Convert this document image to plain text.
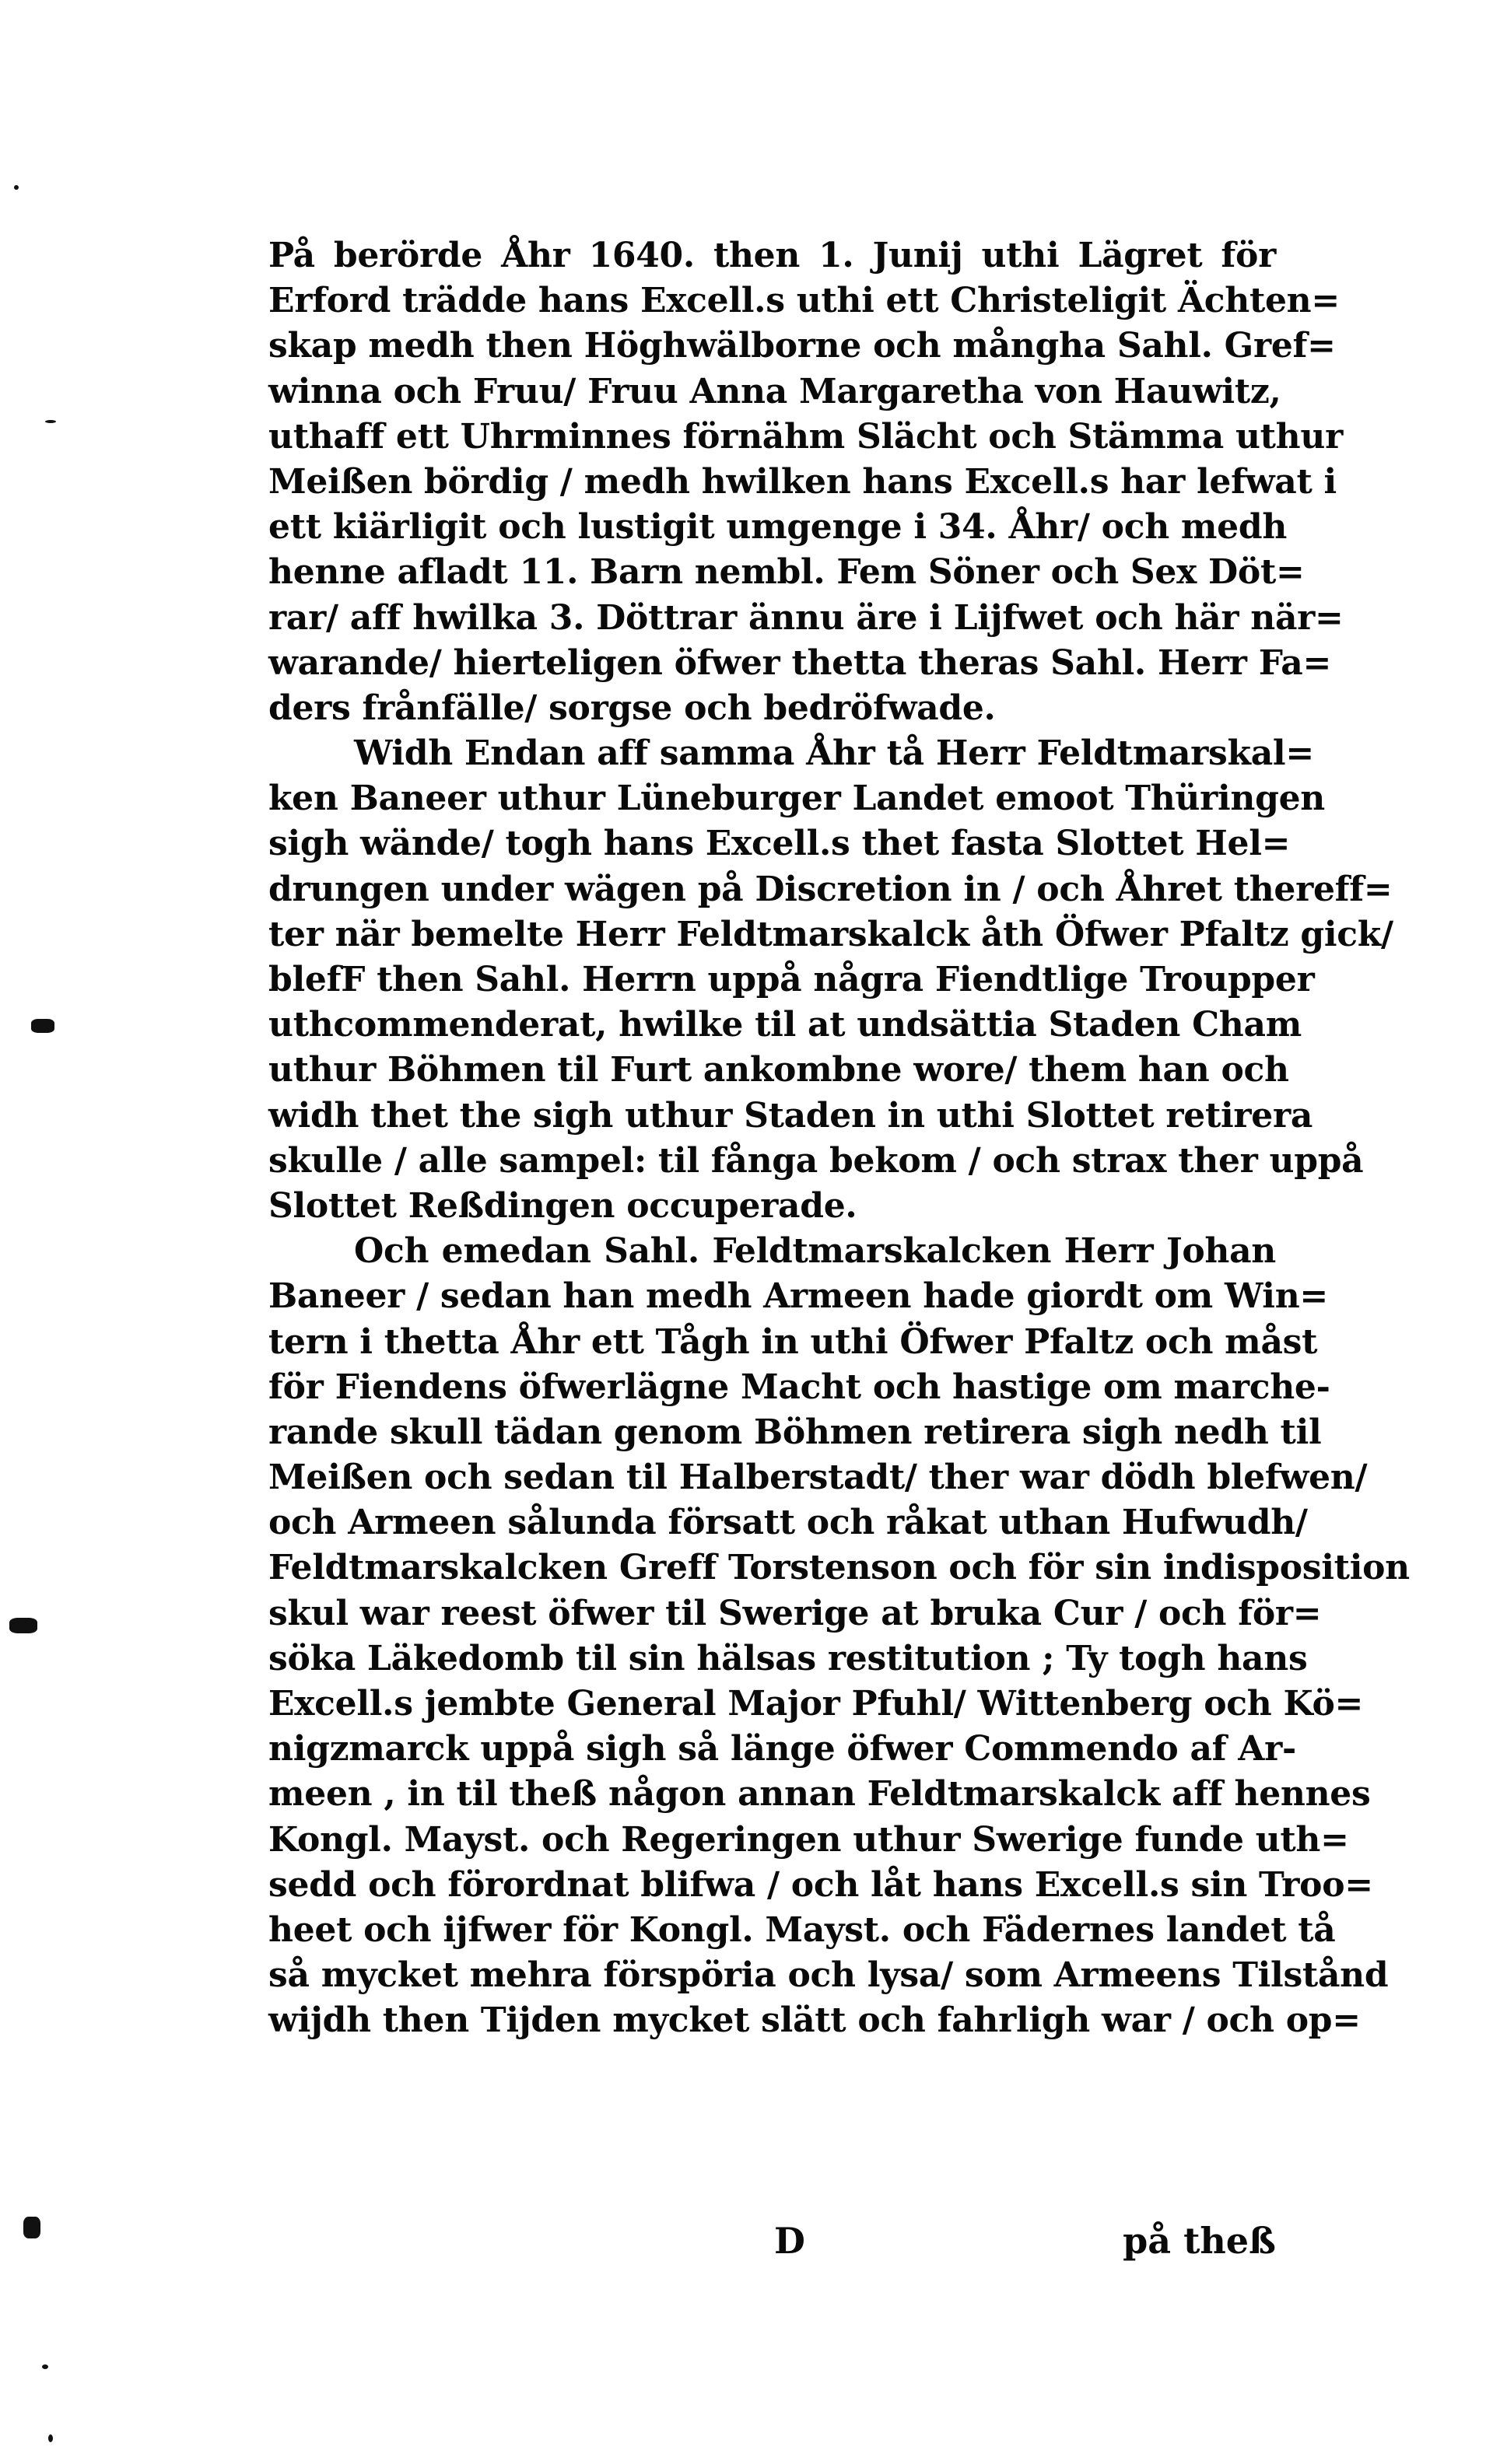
På berörde Åhr 1640. then 1. Junij uthi Lägret för
Erford trädde hans Excell.s uthi ett Christeligit Ächten=
skap medh then Höghwälborne och mångha Sahl. Gref=
winna och Fruu/ Fruu Anna Margaretha von Hauwitz,
uthaff ett Uhrminnes förnähm Slächt och Stämma uthur
Meißen bördig / medh hwilken hans Excell.s har lefwat i
ett kiärligit och lustigit umgenge i 34. Åhr/ och medh
henne afladt 11. Barn nembl. Fem Söner och Sex Döt=
rar/ aff hwilka 3. Döttrar ännu äre i Lijfwet och här när=
warande/ hierteligen öfwer thetta theras Sahl. Herr Fa=
ders frånfälle/ sorgse och bedröfwade.
Widh Endan aff samma Åhr tå Herr Feldtmarskal=
ken Baneer uthur Lüneburger Landet emoot Thüringen
sigh wände/ togh hans Excell.s thet fasta Slottet Hel=
drungen under wägen på Discretion in / och Åhret thereff=
ter när bemelte Herr Feldtmarskalck åth Öfwer Pfaltz gick/
blefF then Sahl. Herrn uppå några Fiendtlige Troupper
uthcommenderat, hwilke til at undsättia Staden Cham
uthur Böhmen til Furt ankombne wore/ them han och
widh thet the sigh uthur Staden in uthi Slottet retirera
skulle / alle sampel: til fånga bekom / och strax ther uppå
Slottet Reßdingen occuperade.
Och emedan Sahl. Feldtmarskalcken Herr Johan
Baneer / sedan han medh Armeen hade giordt om Win=
tern i thetta Åhr ett Tågh in uthi Öfwer Pfaltz och måst
för Fiendens öfwerlägne Macht och hastige om marche-
rande skull tädan genom Böhmen retirera sigh nedh til
Meißen och sedan til Halberstadt/ ther war dödh blefwen/
och Armeen sålunda försatt och råkat uthan Hufwudh/
Feldtmarskalcken Greff Torstenson och för sin indisposition
skul war reest öfwer til Swerige at bruka Cur / och för=
söka Läkedomb til sin hälsas restitution ; Ty togh hans
Excell.s jembte General Major Pfuhl/ Wittenberg och Kö=
nigzmarck uppå sigh så länge öfwer Commendo af Ar-
meen , in til theß någon annan Feldtmarskalck aff hennes
Kongl. Mayst. och Regeringen uthur Swerige funde uth=
sedd och förordnat blifwa / och låt hans Excell.s sin Troo=
heet och ijfwer för Kongl. Mayst. och Fädernes landet tå
så mycket mehra förspöria och lysa/ som Armeens Tilstånd
wijdh then Tijden mycket slätt och fahrligh war / och op=
D	på theß
